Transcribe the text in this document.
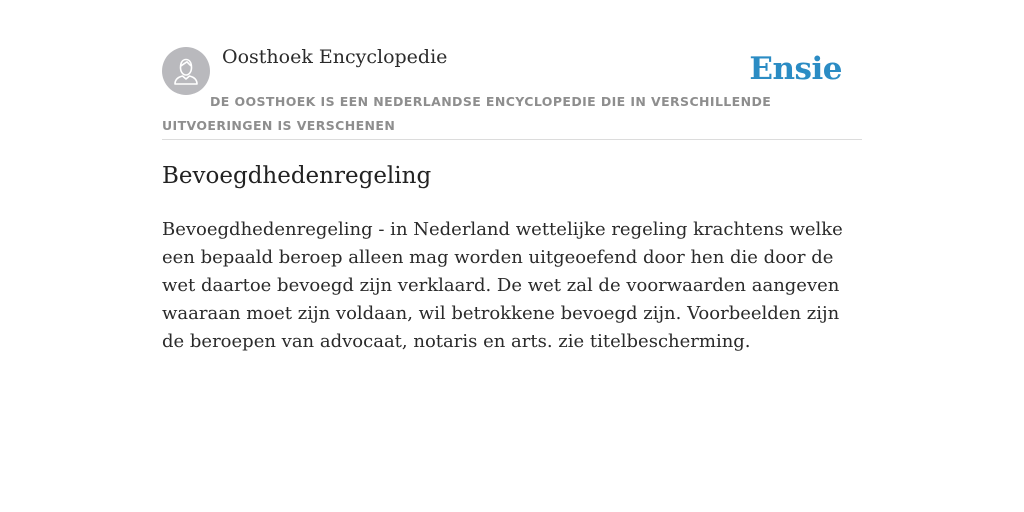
Oosthoek Encyclopedie	Ensie
DE OOSTHOEK IS EEN NEDERLANDSE ENCYCLOPEDIE DIE IN VERSCHILLENDE UITVOERINGEN IS VERSCHENEN
Bevoegdhedenregeling

Bevoegdhedenregeling - in Nederland wettelijke regeling krachtens welke een bepaald beroep alleen mag worden uitgeoefend door hen die door de wet daartoe bevoegd zijn verklaard. De wet zal de voorwaarden aangeven waaraan moet zijn voldaan, wil betrokkene bevoegd zijn. Voorbeelden zijn de beroepen van advocaat, notaris en arts. zie titelbescherming.
